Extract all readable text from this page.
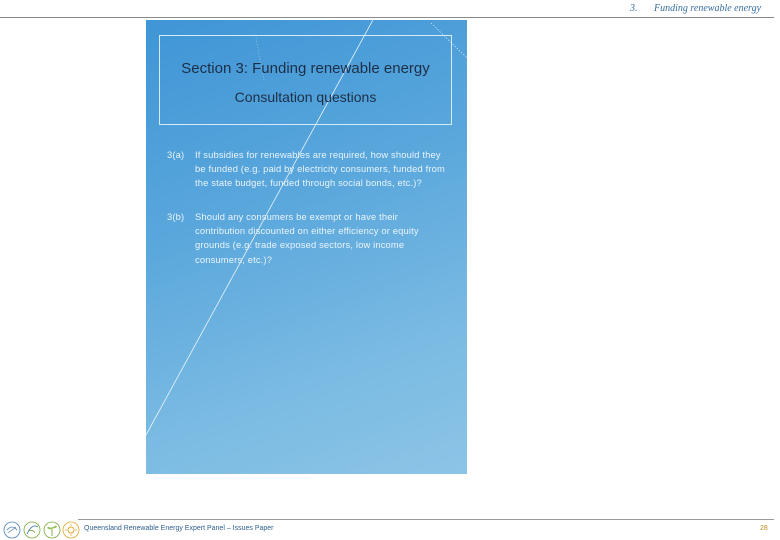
3. Funding renewable energy
Section 3: Funding renewable energy
Consultation questions
3(a) If subsidies for renewables are required, how should they be funded (e.g. paid by electricity consumers, funded from the state budget, funded through social bonds, etc.)?
3(b) Should any consumers be exempt or have their contribution discounted on either efficiency or equity grounds (e.g. trade exposed sectors, low income consumers, etc.)?
Queensland Renewable Energy Expert Panel – Issues Paper	28
